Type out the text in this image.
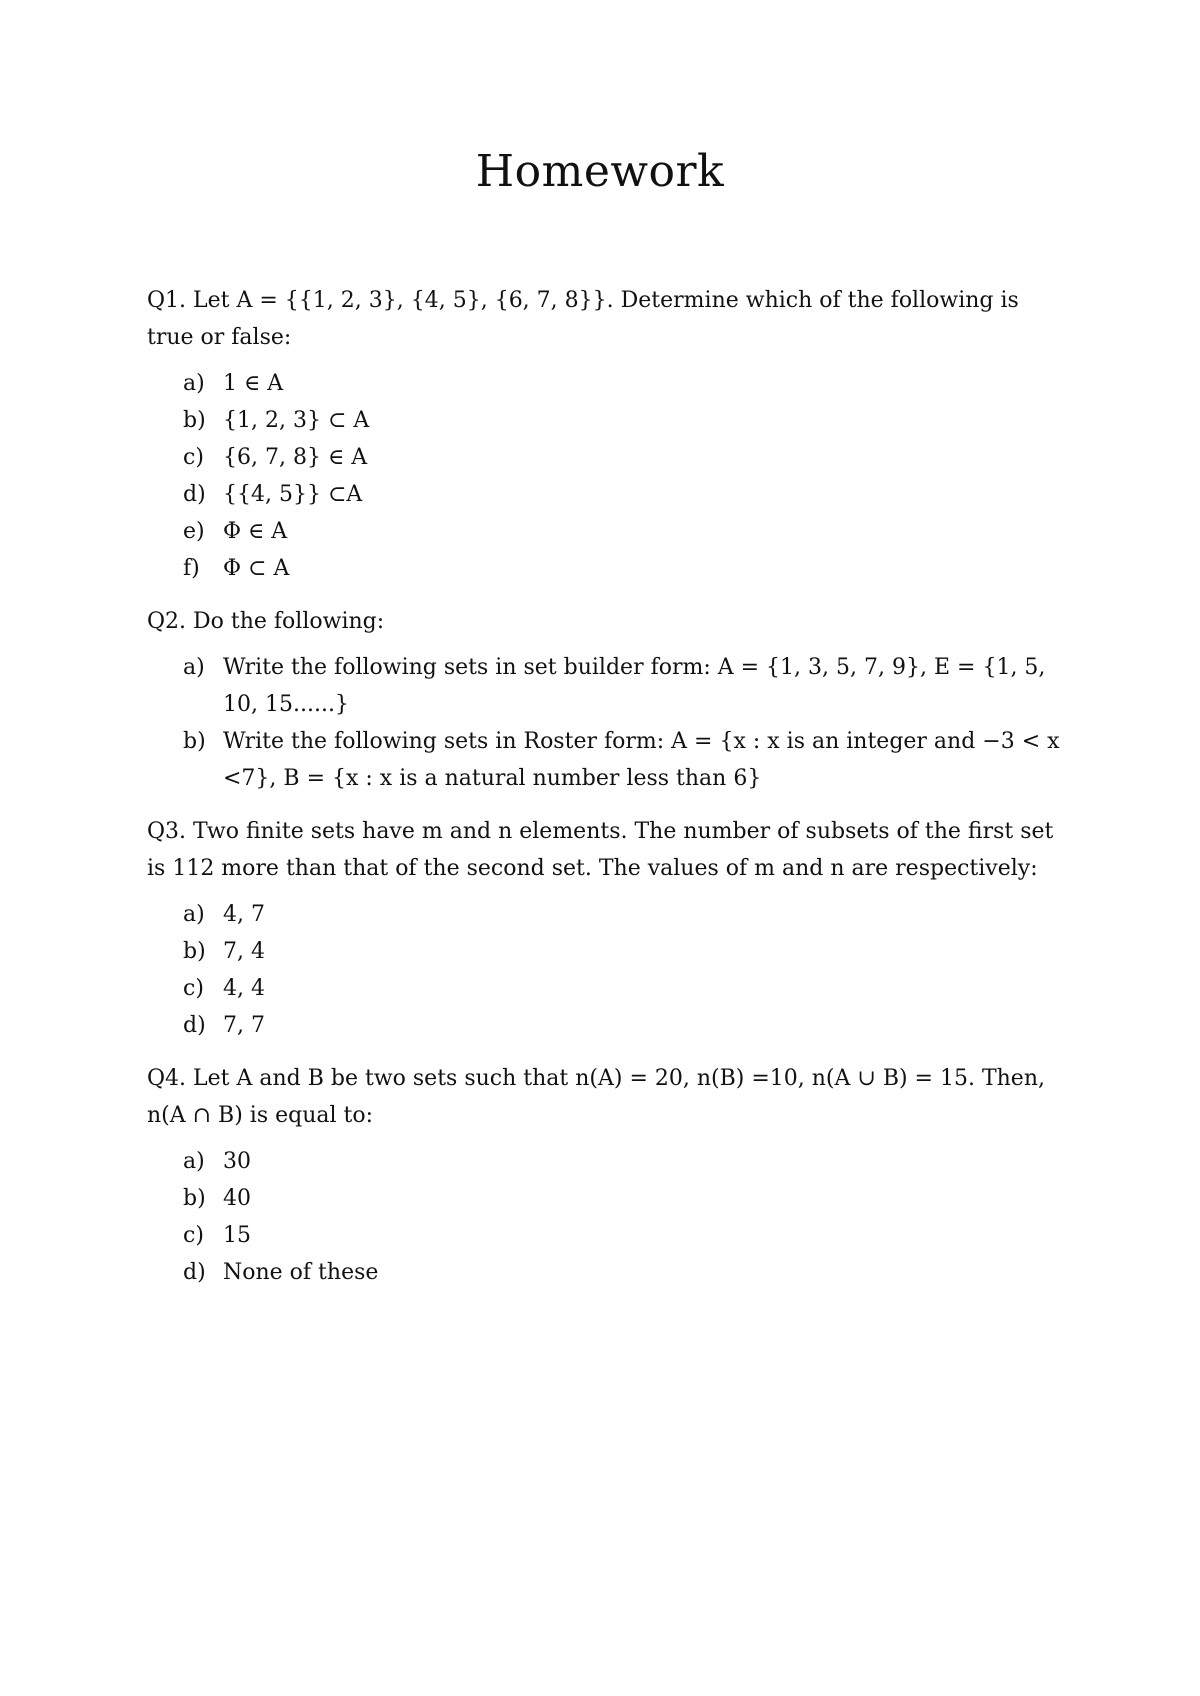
Homework

Q1. Let A = {{1, 2, 3}, {4, 5}, {6, 7, 8}}. Determine which of the following is true or false:

a) 1 ∈ A
b) {1, 2, 3} ⊂ A
c) {6, 7, 8} ∈ A
d) {{4, 5}} ⊂A
e) Φ ∈ A
f)	Φ ⊂ A

Q2. Do the following:

a) Write the following sets in set builder form: A = {1, 3, 5, 7, 9}, E = {1, 5, 10, 15......}
b) Write the following sets in Roster form: A = {x : x is an integer and −3 < x <7}, B = {x : x is a natural number less than 6}

Q3. Two finite sets have m and n elements. The number of subsets of the first set is 112 more than that of the second set. The values of m and n are respectively:

a) 4, 7
b) 7, 4
c) 4, 4
d) 7, 7

Q4. Let A and B be two sets such that n(A) = 20, n(B) =10, n(A ∪ B) = 15. Then, n(A ∩ B) is equal to:

a) 30
b) 40
c) 15
d) None of these
